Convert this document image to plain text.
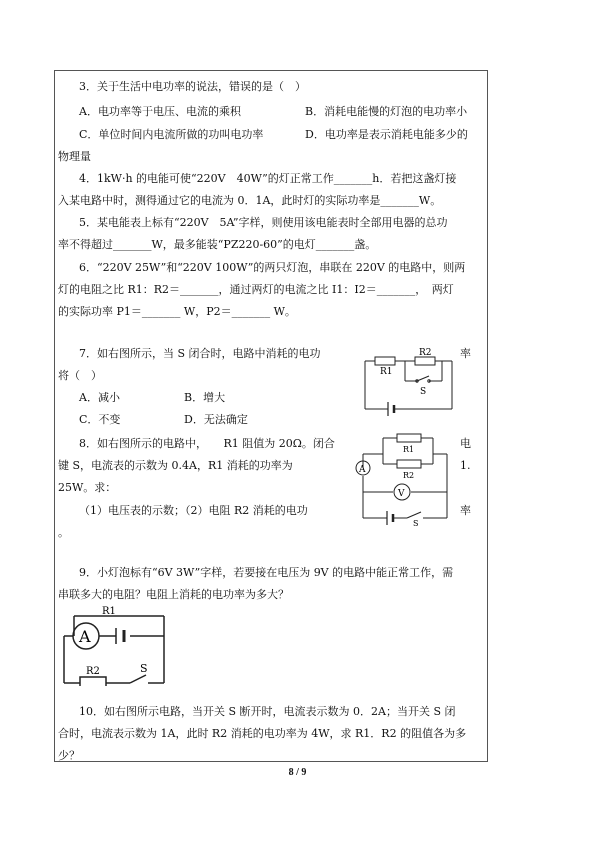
3．关于生活中电功率的说法，错误的是（　）
A．电功率等于电压、电流的乘积	B．消耗电能慢的灯泡的电功率小
C．单位时间内电流所做的功叫电功率	D．电功率是表示消耗电能多少的
物理量
4．1kW·h 的电能可使“220V　40W”的灯正常工作_______h．若把这盏灯接
入某电路中时，测得通过它的电流为 0．1A，此时灯的实际功率是_______W。
5．某电能表上标有“220V　5A”字样，则使用该电能表时全部用电器的总功
率不得超过_______W，最多能装“PZ220-60”的电灯_______盏。
6．“220V 25W”和“220V 100W”的两只灯泡，串联在 220V 的电路中，则两
灯的电阻之比 R1：R2＝_______，通过两灯的电流之比 I1：I2＝_______，　两灯
的实际功率 P1＝_______ W，P2＝_______ W。
7．如右图所示，当 S 闭合时，电路中消耗的电功	率
将（　）
A．减小	B．增大
C．不变	D．无法确定
R1
R2
S
8．如右图所示的电路中，　　R1 阻值为 20Ω。闭合	电
键 S，电流表的示数为 0.4A，R1 消耗的功率为	1.
25W。求：
（1）电压表的示数；（2）电阻 R2 消耗的电功	率
。
A
V
R1
R2
S
9．小灯泡标有“6V 3W”字样，若要接在电压为 9V 的电路中能正常工作，需
串联多大的电阻？电阻上消耗的电功率为多大？
A
R1
R2	S
10．如右图所示电路，当开关 S 断开时，电流表示数为 0．2A；当开关 S 闭
合时，电流表示数为 1A，此时 R2 消耗的电功率为 4W，求 R1．R2 的阻值各为多
少？
8 / 9
